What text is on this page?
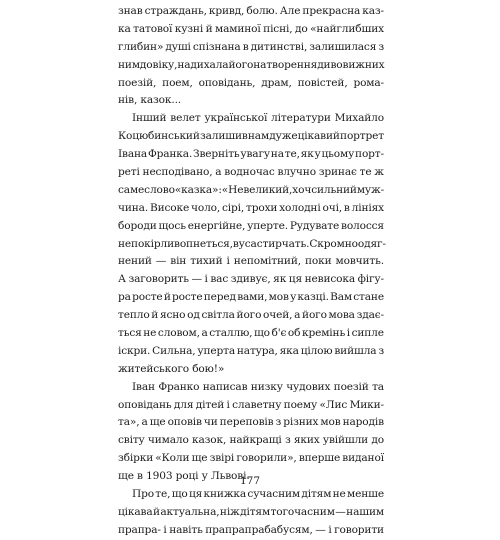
знав страждань, кривд, болю. Але прекрасна каз-
ка татової кузні й маминої пісні, до «найглибших
глибин» душі спізнана в дитинстві, залишилася з
ним довіку, надихала його на творення дивовижних
поезій, поем, оповідань, драм, повістей, рома-
нів, казок...
Інший велет української літератури Михайло
Коцюбинський залишив нам дуже цікавий портрет
Івана Франка. Зверніть увагу на те, як у цьому порт-
реті несподівано, а водночас влучно зринає те ж
саме слово «казка»: «Невеликий, хоч сильний муж-
чина. Високе чоло, сірі, трохи холодні очі, в лініях
бороди щось енергійне, уперте. Рудувате волосся
непокірливо пнеться, вуса стирчать. Скромно одяг-
нений — він тихий і непомітний, поки мовчить.
А заговорить — і вас здивує, як ця невисока фігу-
ра росте й росте перед вами, мов у казці. Вам стане
тепло й ясно од світла його очей, а його мова здає-
ться не словом, а сталлю, що б'є об кремінь і сипле
іскри. Сильна, уперта натура, яка цілою вийшла з
житейського бою!»
Іван Франко написав низку чудових поезій та
оповідань для дітей і славетну поему «Лис Мики-
та», а ще оповів чи переповів з різних мов народів
світу чимало казок, найкращі з яких увійшли до
збірки «Коли ще звірі говорили», вперше виданої
ще в 1903 році у Львові.
Про те, що ця книжка сучасним дітям не менше
цікава й актуальна, ніж дітям тогочасним — нашим
прапра- і навіть прапрапрабабусям, — і говорити
177
